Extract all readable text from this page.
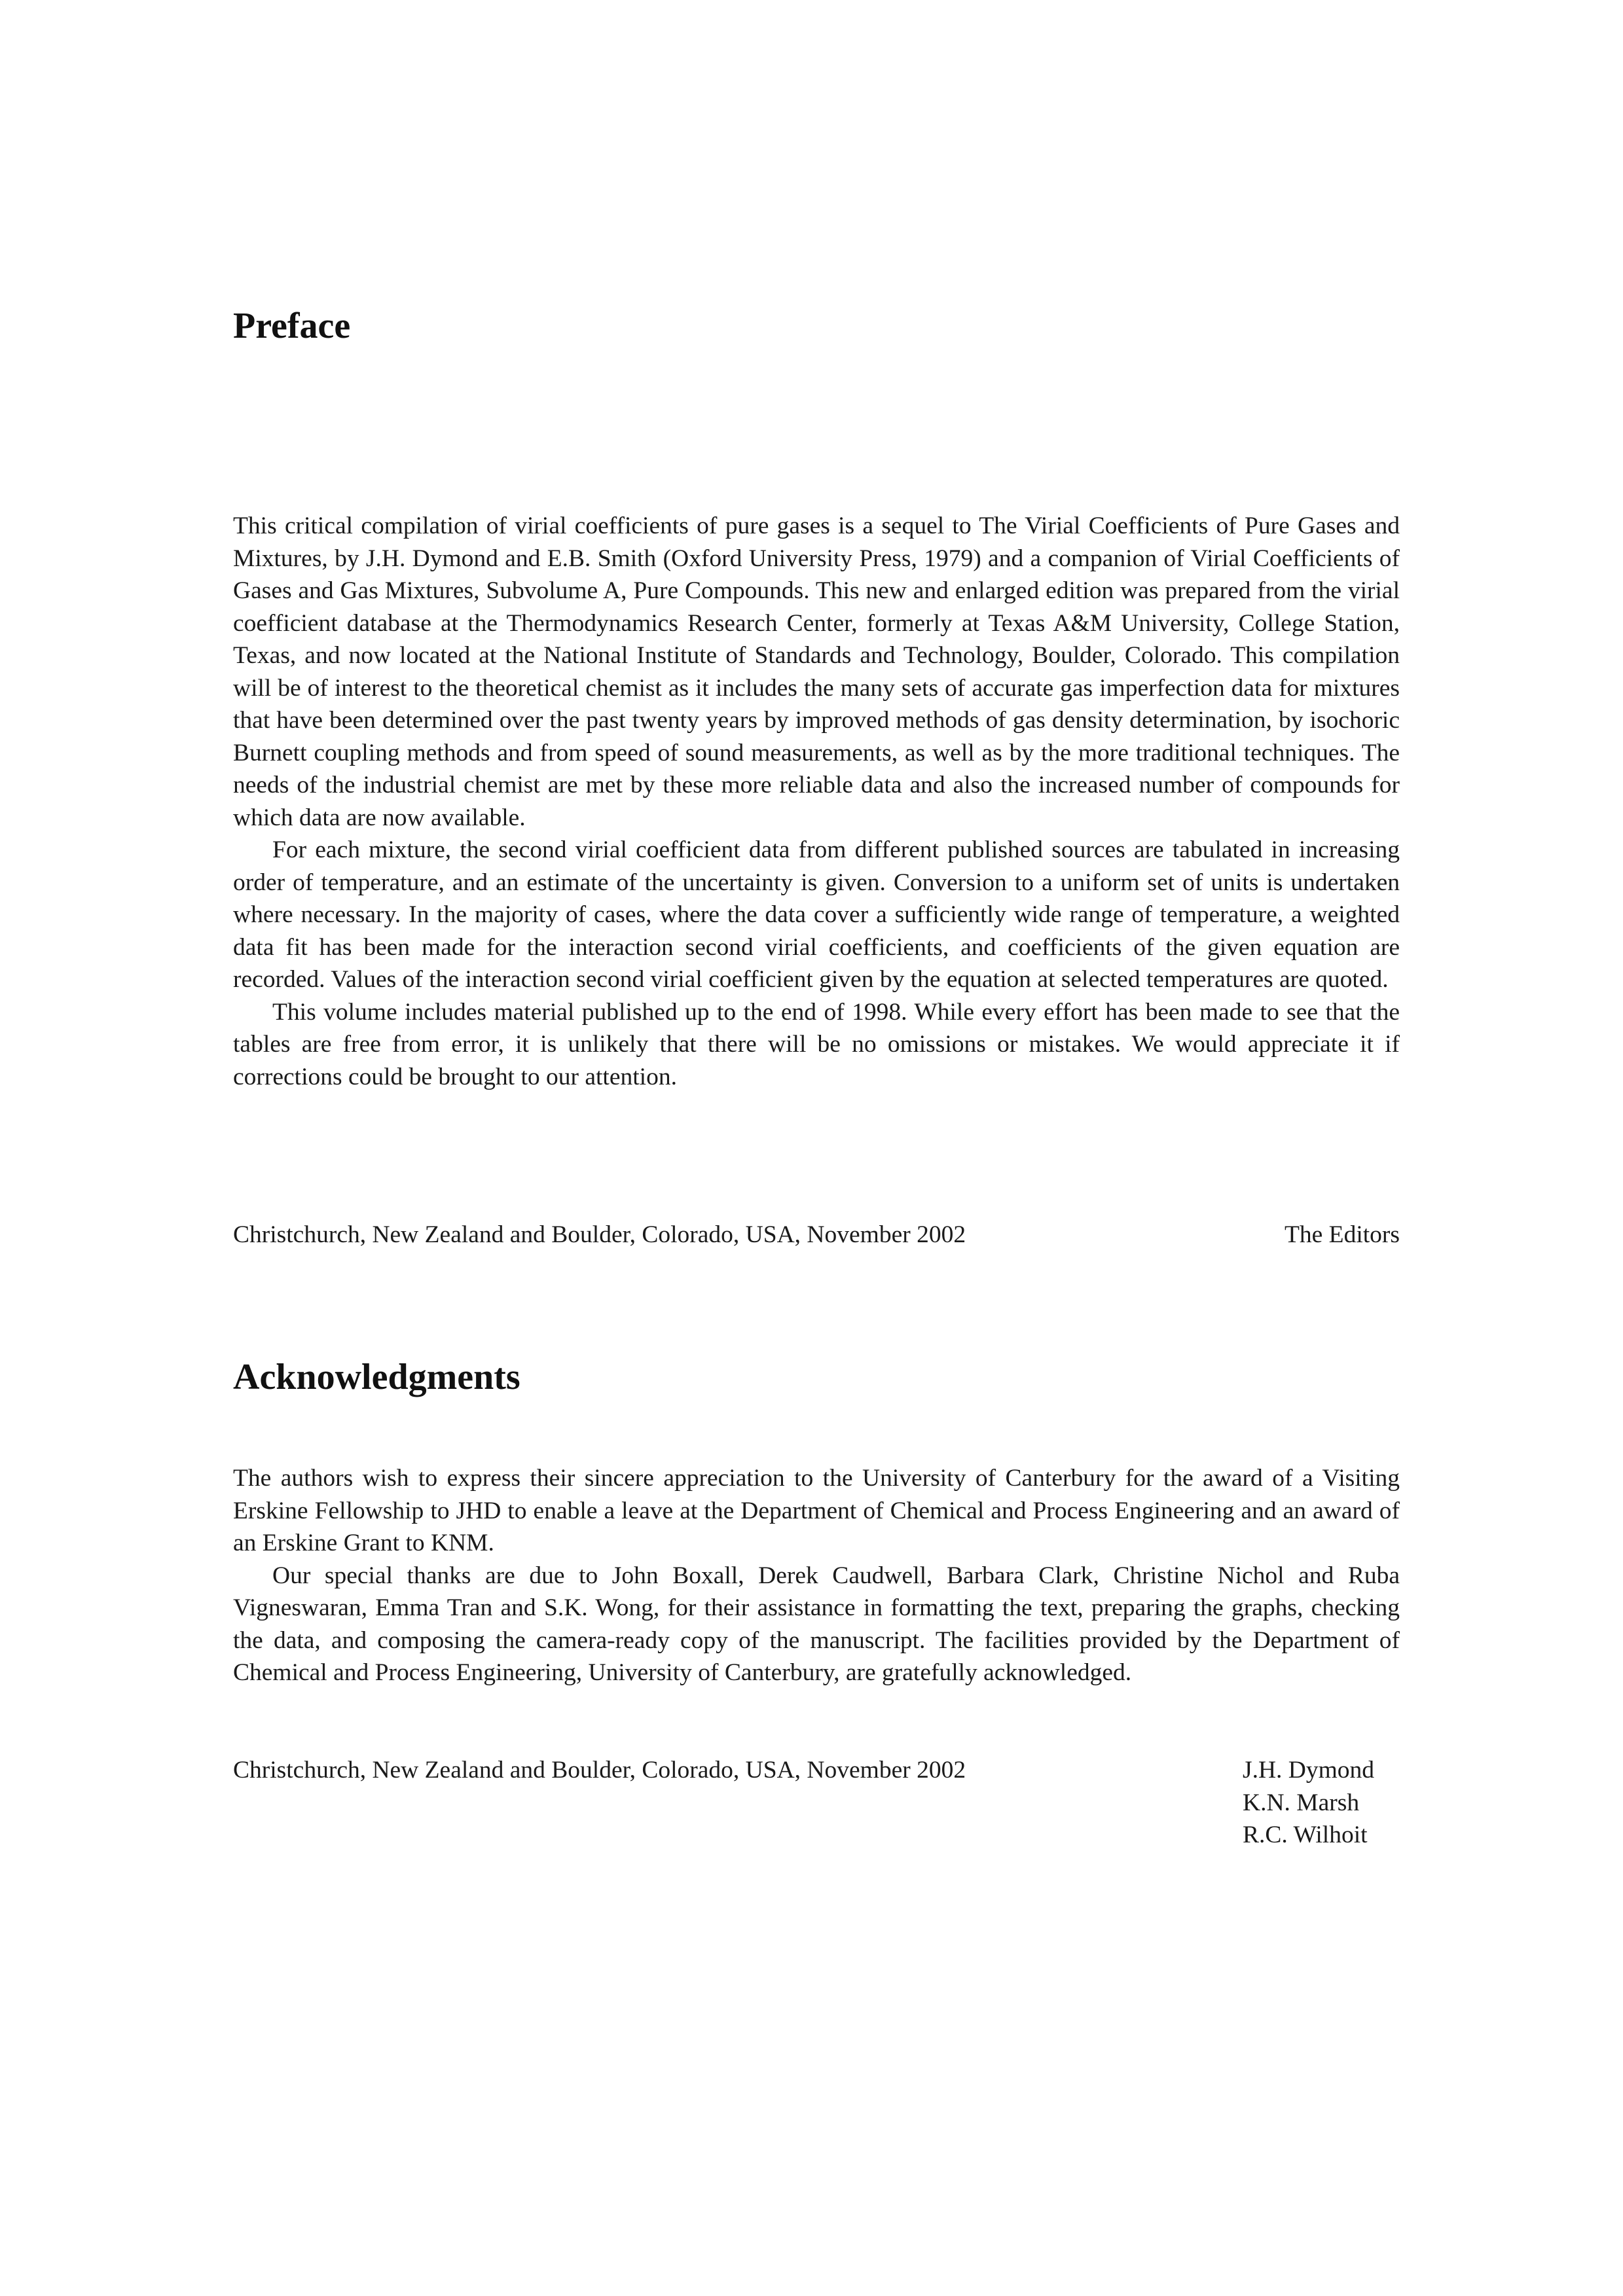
Preface

This critical compilation of virial coefficients of pure gases is a sequel to The Virial Coefficients of Pure Gases and Mixtures, by J.H. Dymond and E.B. Smith (Oxford University Press, 1979) and a companion of Virial Coefficients of Gases and Gas Mixtures, Subvolume A, Pure Compounds. This new and enlarged edition was prepared from the virial coefficient database at the Thermodynamics Research Center, formerly at Texas A&M University, College Station, Texas, and now located at the National Institute of Standards and Technology, Boulder, Colorado. This compilation will be of interest to the theoretical chemist as it includes the many sets of accurate gas imperfection data for mixtures that have been determined over the past twenty years by improved methods of gas density determination, by isochoric Burnett coupling methods and from speed of sound measurements, as well as by the more traditional techniques. The needs of the industrial chemist are met by these more reliable data and also the increased number of compounds for which data are now available.

For each mixture, the second virial coefficient data from different published sources are tabulated in increasing order of temperature, and an estimate of the uncertainty is given. Conversion to a uniform set of units is undertaken where necessary. In the majority of cases, where the data cover a sufficiently wide range of temperature, a weighted data fit has been made for the interaction second virial coefficients, and coefficients of the given equation are recorded. Values of the interaction second virial coefficient given by the equation at selected temperatures are quoted.

This volume includes material published up to the end of 1998. While every effort has been made to see that the tables are free from error, it is unlikely that there will be no omissions or mistakes. We would appreciate it if corrections could be brought to our attention.

Christchurch, New Zealand and Boulder, Colorado, USA, November 2002	The Editors
Acknowledgments

The authors wish to express their sincere appreciation to the University of Canterbury for the award of a Visiting Erskine Fellowship to JHD to enable a leave at the Department of Chemical and Process Engineering and an award of an Erskine Grant to KNM.

Our special thanks are due to John Boxall, Derek Caudwell, Barbara Clark, Christine Nichol and Ruba Vigneswaran, Emma Tran and S.K. Wong, for their assistance in formatting the text, preparing the graphs, checking the data, and composing the camera-ready copy of the manuscript. The facilities provided by the Department of Chemical and Process Engineering, University of Canterbury, are gratefully acknowledged.

Christchurch, New Zealand and Boulder, Colorado, USA, November 2002	J.H. Dymond
K.N. Marsh
R.C. Wilhoit
